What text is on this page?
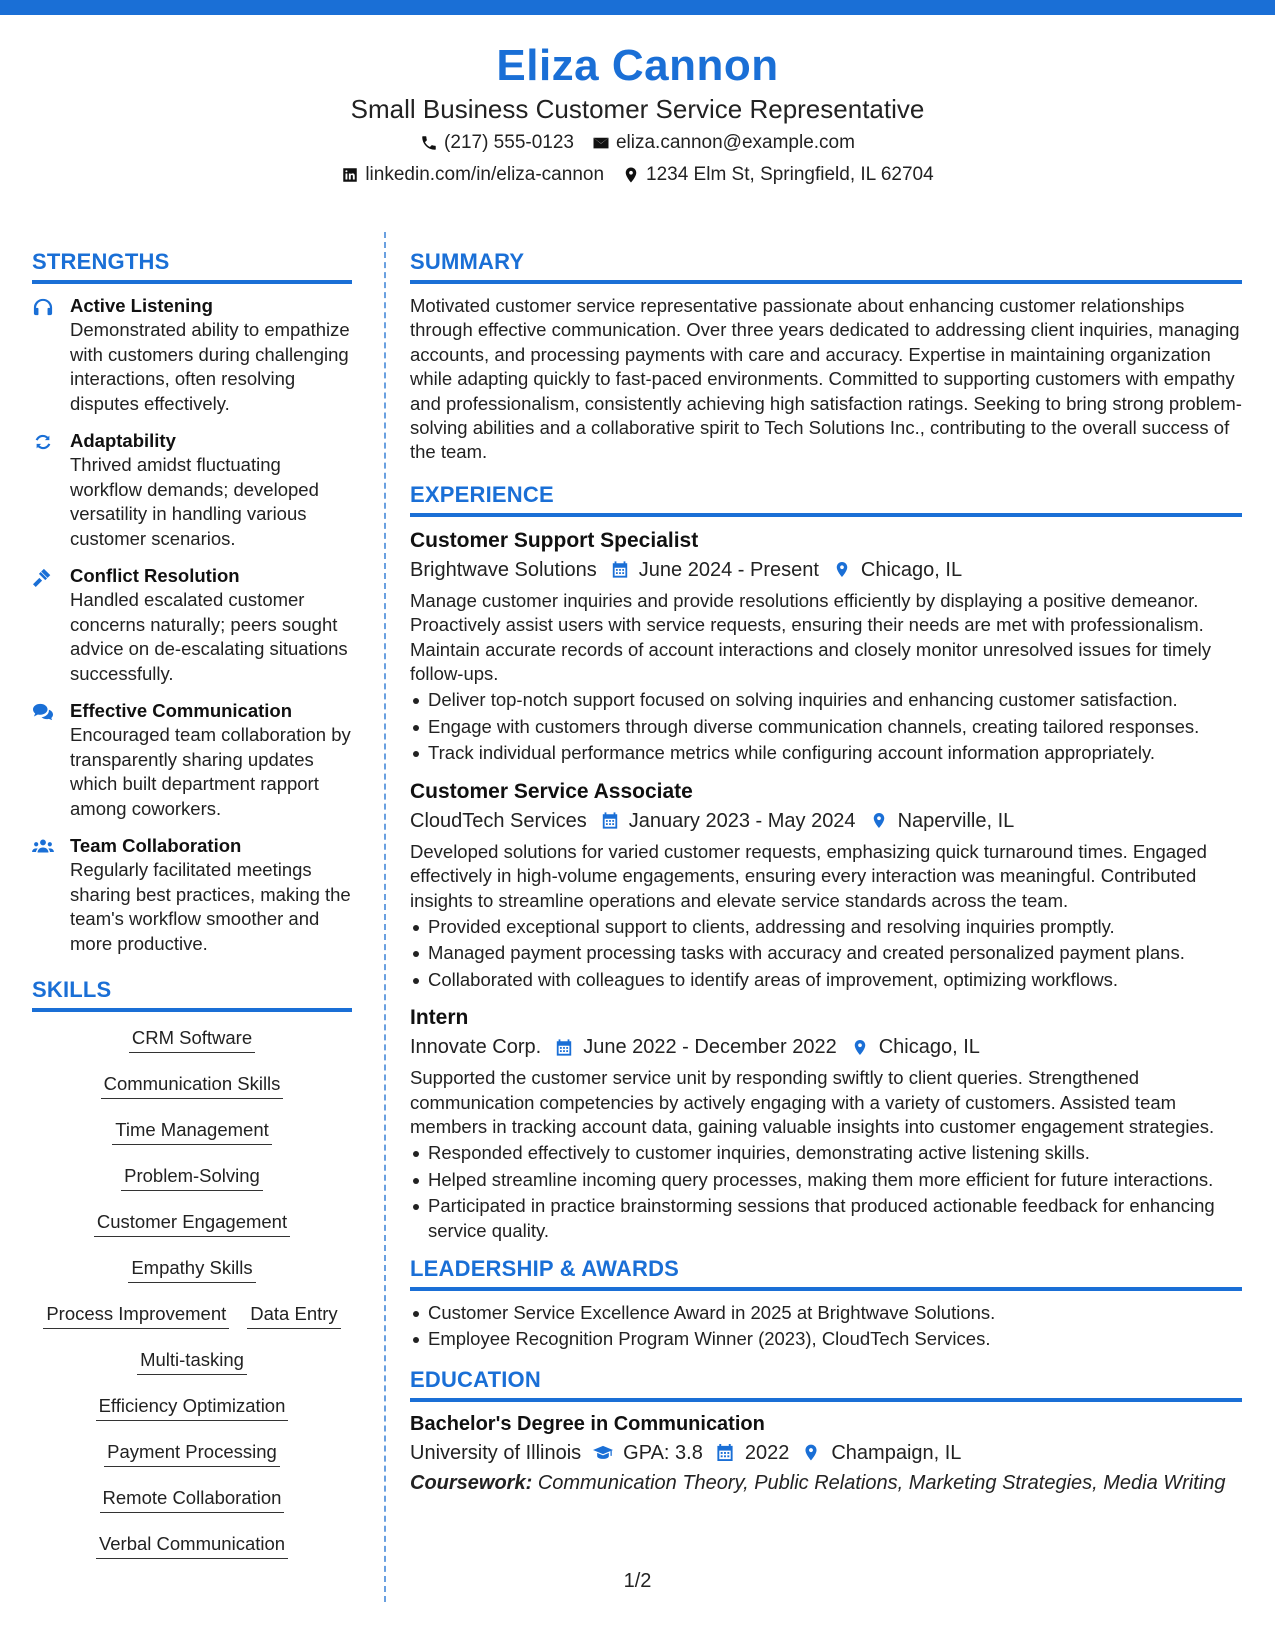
Eliza Cannon
Small Business Customer Service Representative
(217) 555-0123 eliza.cannon@example.com
linkedin.com/in/eliza-cannon 1234 Elm St, Springfield, IL 62704
STRENGTHS
Active Listening
Demonstrated ability to empathize with customers during challenging interactions, often resolving disputes effectively.
Adaptability
Thrived amidst fluctuating workflow demands; developed versatility in handling various customer scenarios.
Conflict Resolution
Handled escalated customer concerns naturally; peers sought advice on de-escalating situations successfully.
Effective Communication
Encouraged team collaboration by transparently sharing updates which built department rapport among coworkers.
Team Collaboration
Regularly facilitated meetings sharing best practices, making the team's workflow smoother and more productive.
SKILLS
CRM Software
Communication Skills
Time Management
Problem-Solving
Customer Engagement
Empathy Skills
Process Improvement Data Entry
Multi-tasking
Efficiency Optimization
Payment Processing
Remote Collaboration
Verbal Communication
SUMMARY
Motivated customer service representative passionate about enhancing customer relationships through effective communication. Over three years dedicated to addressing client inquiries, managing accounts, and processing payments with care and accuracy. Expertise in maintaining organization while adapting quickly to fast-paced environments. Committed to supporting customers with empathy and professionalism, consistently achieving high satisfaction ratings. Seeking to bring strong problem-solving abilities and a collaborative spirit to Tech Solutions Inc., contributing to the overall success of the team.
EXPERIENCE
Customer Support Specialist
Brightwave Solutions June 2024 - Present Chicago, IL
Manage customer inquiries and provide resolutions efficiently by displaying a positive demeanor. Proactively assist users with service requests, ensuring their needs are met with professionalism. Maintain accurate records of account interactions and closely monitor unresolved issues for timely follow-ups.
Deliver top-notch support focused on solving inquiries and enhancing customer satisfaction.
Engage with customers through diverse communication channels, creating tailored responses.
Track individual performance metrics while configuring account information appropriately.
Customer Service Associate
CloudTech Services January 2023 - May 2024 Naperville, IL
Developed solutions for varied customer requests, emphasizing quick turnaround times. Engaged effectively in high-volume engagements, ensuring every interaction was meaningful. Contributed insights to streamline operations and elevate service standards across the team.
Provided exceptional support to clients, addressing and resolving inquiries promptly.
Managed payment processing tasks with accuracy and created personalized payment plans.
Collaborated with colleagues to identify areas of improvement, optimizing workflows.
Intern
Innovate Corp. June 2022 - December 2022 Chicago, IL
Supported the customer service unit by responding swiftly to client queries. Strengthened communication competencies by actively engaging with a variety of customers. Assisted team members in tracking account data, gaining valuable insights into customer engagement strategies.
Responded effectively to customer inquiries, demonstrating active listening skills.
Helped streamline incoming query processes, making them more efficient for future interactions.
Participated in practice brainstorming sessions that produced actionable feedback for enhancing service quality.
LEADERSHIP & AWARDS
Customer Service Excellence Award in 2025 at Brightwave Solutions.
Employee Recognition Program Winner (2023), CloudTech Services.
EDUCATION
Bachelor's Degree in Communication
University of Illinois GPA: 3.8 2022 Champaign, IL
Coursework: Communication Theory, Public Relations, Marketing Strategies, Media Writing
1/2
